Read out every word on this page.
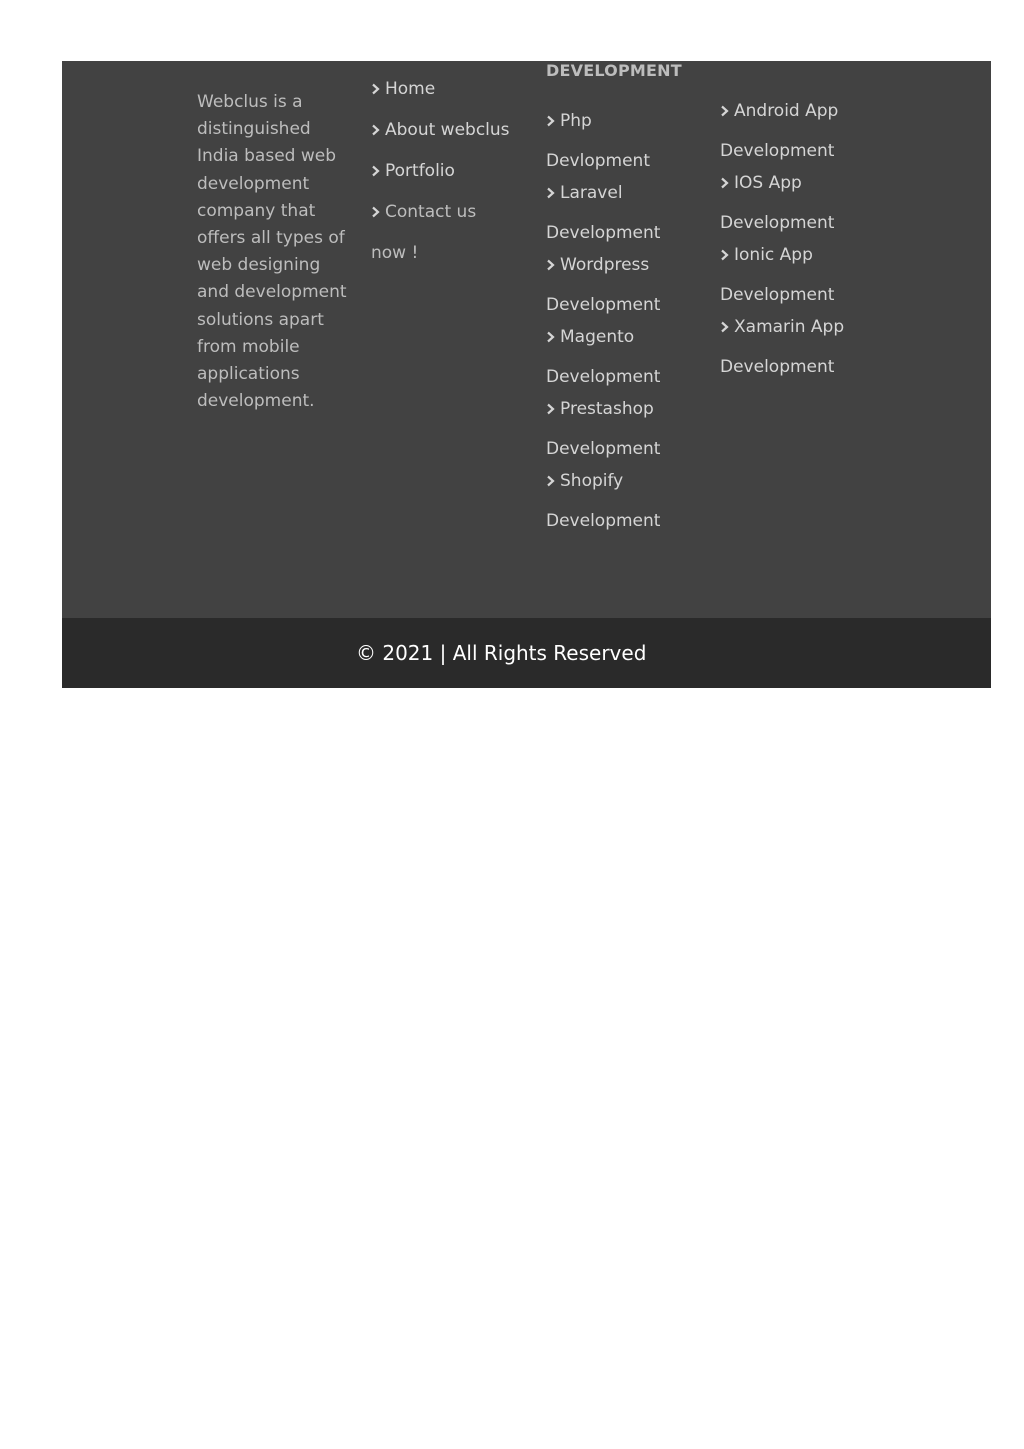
Webclus is a distinguished India based web development company that offers all types of web designing and development solutions apart from mobile applications development.
Home
About webclus
Portfolio
Contact us now !
DEVELOPMENT
Php Devlopment
Laravel Development
Wordpress Development
Magento Development
Prestashop Development
Shopify Development
Android App Development
IOS App Development
Ionic App Development
Xamarin App Development
© 2021 | All Rights Reserved
